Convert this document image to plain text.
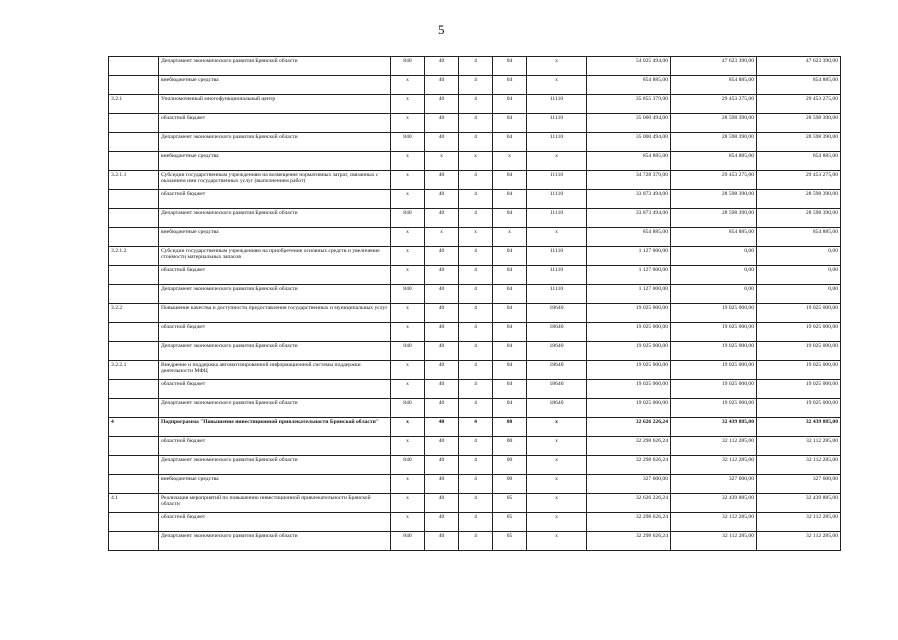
5
	Департамент экономического развития Брянской области	840	40	4	04	х	54 025 494,00	47 623 390,00	47 623 390,00
	внебюджетные средства	х	40	4	04	х	854 885,00	854 885,00	854 885,00
3.2.1	Уполномоченный многофункциональный центр	х	40	4	04	11110	35 855 379,00	29 453 275,00	29 453 275,00
	областной бюджет	х	40	4	04	11110	35 000 494,00	28 598 390,00	28 598 390,00
	Департамент экономического развития Брянской области	840	40	4	04	11110	35 000 494,00	28 598 390,00	28 598 390,00
	внебюджетные средства	х	х	х	х	х	854 885,00	854 885,00	854 885,00
3.2.1.1	Субсидии государственным учреждениям на возмещение нормативных затрат, связанных с оказанием ими государственных услуг (выполнением работ)	х	40	4	04	11110	34 728 379,00	29 453 275,00	29 453 275,00
	областной бюджет	х	40	4	04	11110	33 873 494,00	28 598 390,00	28 598 390,00
	Департамент экономического развития Брянской области	840	40	4	04	11110	33 873 494,00	28 598 390,00	28 598 390,00
	внебюджетные средства	х	х	х	х	х	854 885,00	854 885,00	854 885,00
3.2.1.2	Субсидии государственным учреждениям на приобретение основных средств и увеличение стоимости материальных запасов	х	40	4	04	11110	1 127 000,00	0,00	0,00
	областной бюджет	х	40	4	04	11110	1 127 000,00	0,00	0,00
	Департамент экономического развития Брянской области	840	40	4	04	11110	1 127 000,00	0,00	0,00
3.2.2	Повышение качества и доступности предоставления государственных и муниципальных услуг	х	40	4	04	18640	19 025 000,00	19 025 000,00	19 025 000,00
	областной бюджет	х	40	4	04	18640	19 025 000,00	19 025 000,00	19 025 000,00
	Департамент экономического развития Брянской области	840	40	4	04	18640	19 025 000,00	19 025 000,00	19 025 000,00
3.2.2.1	Внедрение и поддержка автоматизированной информационной системы поддержки деятельности МФЦ	х	40	4	04	18640	19 025 000,00	19 025 000,00	19 025 000,00
	областной бюджет	х	40	4	04	18640	19 025 000,00	19 025 000,00	19 025 000,00
	Департамент экономического развития Брянской области	840	40	4	04	18640	19 025 000,00	19 025 000,00	19 025 000,00
4	Подпрограмма "Повышение инвестиционной привлекательности Брянской области"	х	40	4	00	х	32 626 226,24	32 439 885,00	32 439 885,00
	областной бюджет	х	40	4	00	х	32 298 626,24	32 112 285,00	32 112 285,00
	Департамент экономического развития Брянской области	840	40	4	00	х	32 298 626,24	32 112 285,00	32 112 285,00
	внебюджетные средства	х	40	4	00	х	327 600,00	327 600,00	327 600,00
4.1	Реализация мероприятий по повышению инвестиционной привлекательности Брянской области	х	40	4	05	х	32 626 226,24	32 439 885,00	32 439 885,00
	областной бюджет	х	40	4	05	х	32 298 626,24	32 112 285,00	32 112 285,00
	Департамент экономического развития Брянской области	840	40	4	05	х	32 298 626,24	32 112 285,00	32 112 285,00
